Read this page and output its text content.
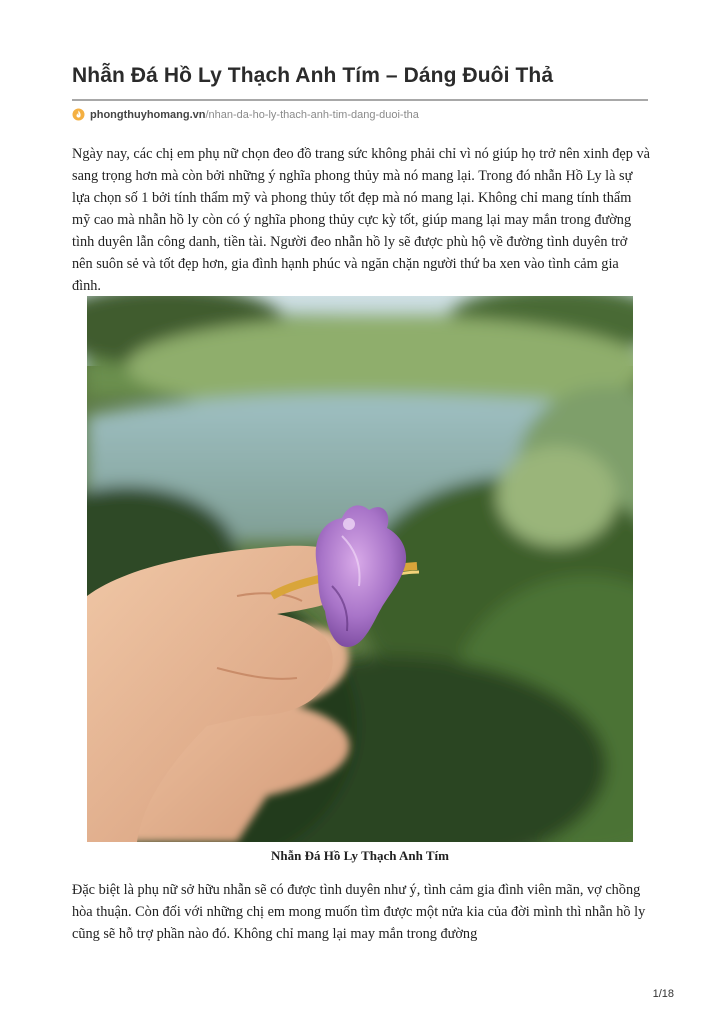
Nhẫn Đá Hồ Ly Thạch Anh Tím – Dáng Đuôi Thả
phongthuyhomang.vn /nhan-da-ho-ly-thach-anh-tim-dang-duoi-tha

Ngày nay, các chị em phụ nữ chọn đeo đồ trang sức không phải chỉ vì nó giúp họ trở nên xinh đẹp và sang trọng hơn mà còn bởi những ý nghĩa phong thủy mà nó mang lại. Trong đó nhẫn Hồ Ly là sự lựa chọn số 1 bởi tính thẩm mỹ và phong thủy tốt đẹp mà nó mang lại. Không chỉ mang tính thẩm mỹ cao mà nhẫn hồ ly còn có ý nghĩa phong thủy cực kỳ tốt, giúp mang lại may mắn trong đường tình duyên lẫn công danh, tiền tài. Người đeo nhẫn hồ ly sẽ được phù hộ về đường tình duyên trở nên suôn sẻ và tốt đẹp hơn, gia đình hạnh phúc và ngăn chặn người thứ ba xen vào tình cảm gia đình.

Nhẫn Đá Hồ Ly Thạch Anh Tím

Đặc biệt là phụ nữ sở hữu nhẫn sẽ có được tình duyên như ý, tình cảm gia đình viên mãn, vợ chồng hòa thuận. Còn đối với những chị em mong muốn tìm được một nửa kia của đời mình thì nhẫn hồ ly cũng sẽ hỗ trợ phần nào đó. Không chỉ mang lại may mắn trong đường

1/18
